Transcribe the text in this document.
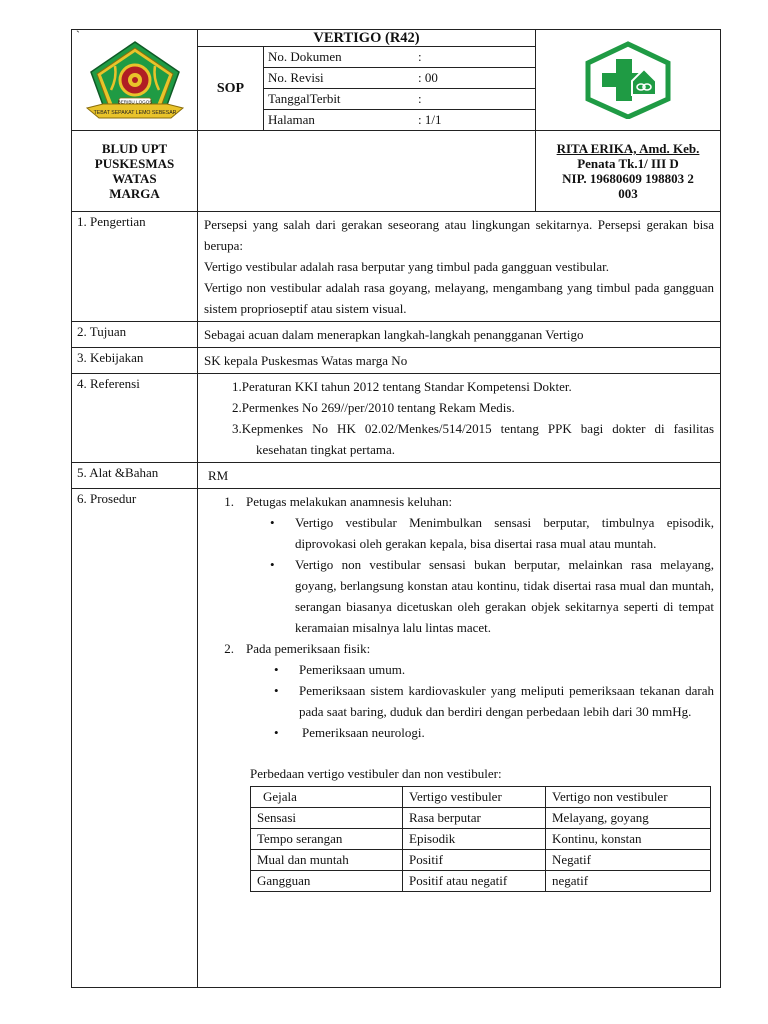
`
BERIBU LOGOS
TEBAT SEPAKAT LEMO SEBESAR
	VERTIGO (R42)	

SOP	
No. Dokumen	:
No. Revisi	: 00
TanggalTerbit	:
Halaman	: 1/1

BLUD UPT
PUSKESMAS
WATAS
MARGA

RITA ERIKA, Amd. Keb.
Penata Tk.1/ III D
NIP. 19680609 198803 2
003

1. Pengertian	Persepsi yang salah dari gerakan seseorang atau lingkungan sekitarnya. Persepsi gerakan bisa berupa:
Vertigo vestibular adalah rasa berputar yang timbul pada gangguan vestibular.
Vertigo non vestibular adalah rasa goyang, melayang, mengambang yang timbul pada gangguan sistem proprioseptif atau sistem visual.

2. Tujuan	Sebagai acuan dalam menerapkan langkah-langkah penangganan Vertigo
3. Kebijakan	SK kepala Puskesmas Watas marga No
4. Referensi	1.Peraturan KKI tahun 2012 tentang Standar Kompetensi Dokter.
2.Permenkes No 269//per/2010 tentang Rekam Medis.
3.Kepmenkes No HK 02.02/Menkes/514/2015 tentang PPK bagi dokter di fasilitas kesehatan tingkat pertama.

5. Alat &Bahan	RM
6. Prosedur	1. Petugas melakukan anamnesis keluhan:
•	Vertigo vestibular Menimbulkan sensasi berputar, timbulnya episodik, diprovokasi oleh gerakan kepala, bisa disertai rasa mual atau muntah.
•	Vertigo non vestibular sensasi bukan berputar, melainkan rasa melayang, goyang, berlangsung konstan atau kontinu, tidak disertai rasa mual dan muntah, serangan biasanya dicetuskan oleh gerakan objek sekitarnya seperti di tempat keramaian misalnya lalu lintas macet.
2. Pada pemeriksaan fisik:
•	Pemeriksaan umum.
•	Pemeriksaan sistem kardiovaskuler yang meliputi pemeriksaan tekanan darah pada saat baring, duduk dan berdiri dengan perbedaan lebih dari 30 mmHg.
•	Pemeriksaan neurologi.
Perbedaan vertigo vestibuler dan non vestibuler:
Gejala	Vertigo vestibuler	Vertigo non vestibuler
Sensasi	Rasa berputar	Melayang, goyang
Tempo serangan	Episodik	Kontinu, konstan
Mual dan muntah	Positif	Negatif
Gangguan	Positif atau negatif	negatif
